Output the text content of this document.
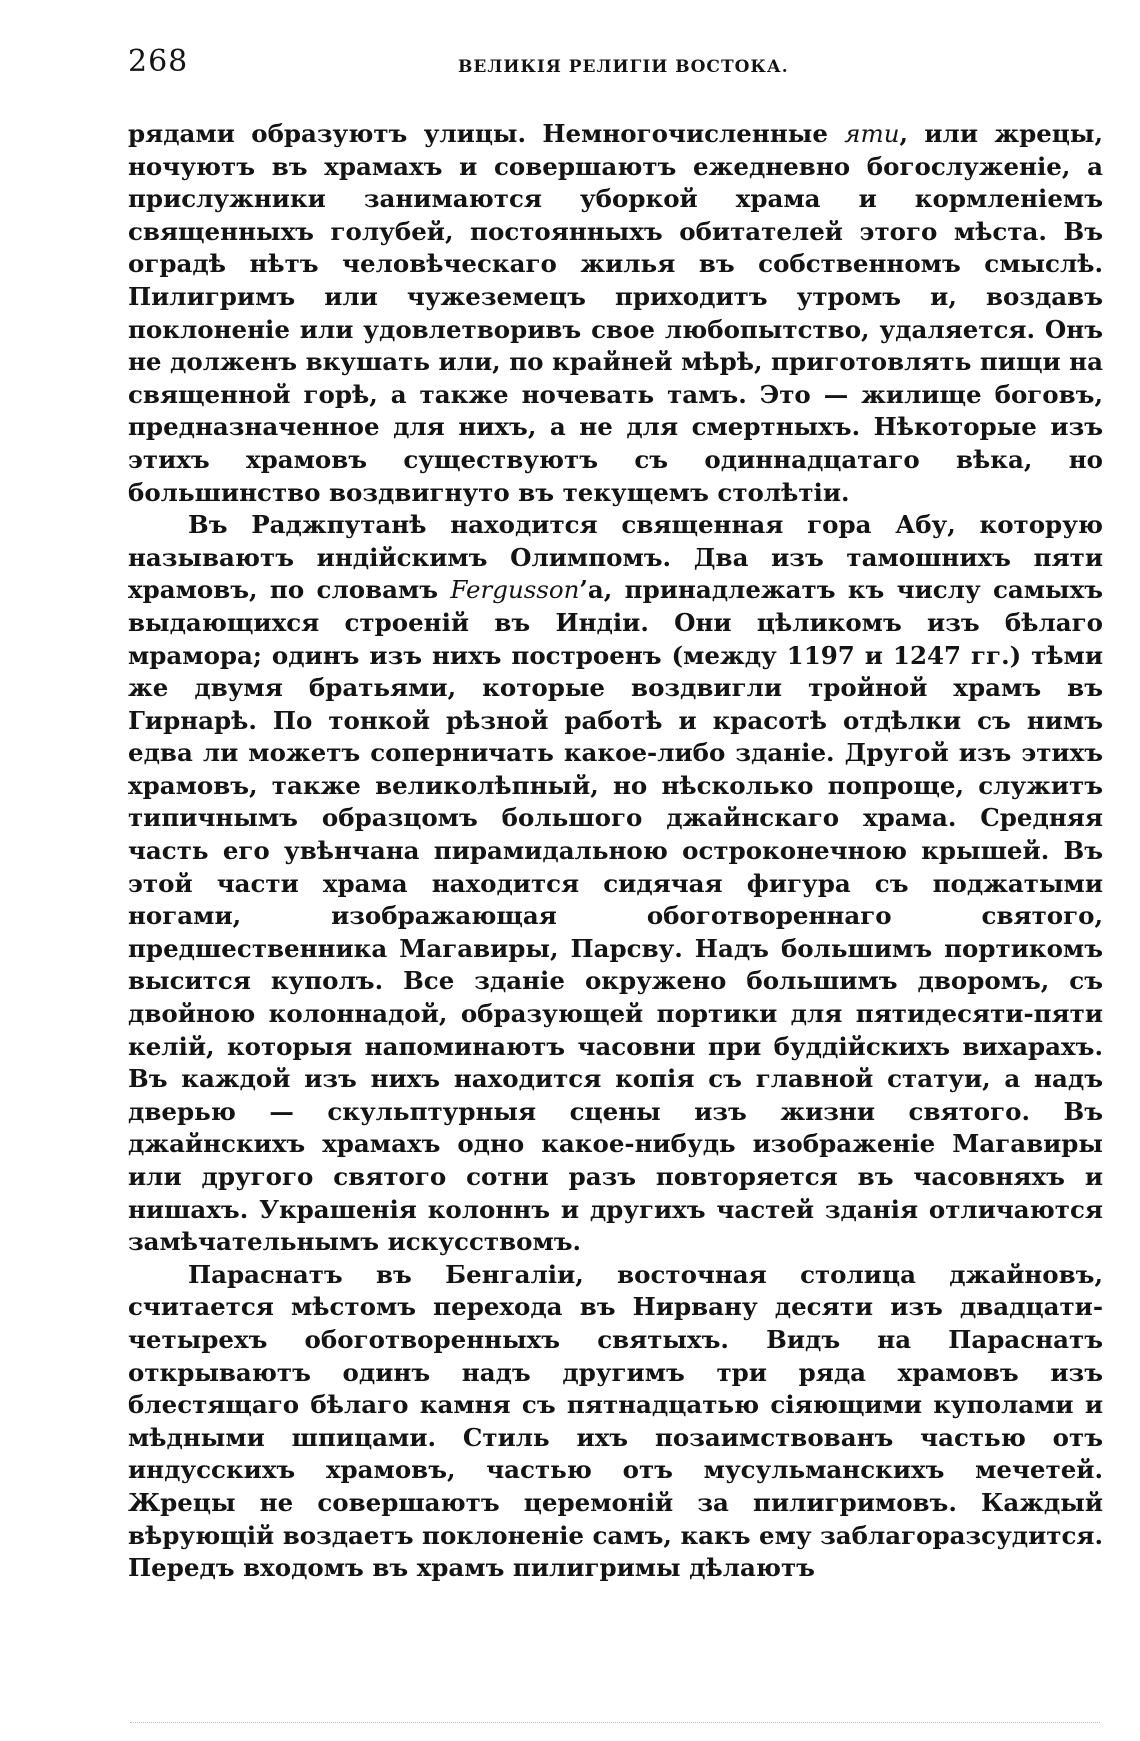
268	ВЕЛИКІЯ РЕЛИГІИ ВОСТОКА.

рядами образуютъ улицы. Немногочисленные яти, или жрецы, ночуютъ въ храмахъ и совершаютъ ежедневно богослуженіе, а прислужники занимаются уборкой храма и кормленіемъ священныхъ голубей, постоянныхъ обитателей этого мѣста. Въ оградѣ нѣтъ человѣческаго жилья въ собственномъ смыслѣ. Пилигримъ или чужеземецъ приходитъ утромъ и, воздавъ поклоненіе или удовлетворивъ свое любопытство, удаляется. Онъ не долженъ вкушать или, по крайней мѣрѣ, приготовлять пищи на священной горѣ, а также ночевать тамъ. Это — жилище боговъ, предназначенное для нихъ, а не для смертныхъ. Нѣкоторые изъ этихъ храмовъ существуютъ съ одиннадцатаго вѣка, но большинство воздвигнуто въ текущемъ столѣтіи.

Въ Раджпутанѣ находится священная гора Абу, которую называютъ индійскимъ Олимпомъ. Два изъ тамошнихъ пяти храмовъ, по словамъ Fergusson’а, принадлежатъ къ числу самыхъ выдающихся строеній въ Индіи. Они цѣликомъ изъ бѣлаго мрамора; одинъ изъ нихъ построенъ (между 1197 и 1247 гг.) тѣми же двумя братьями, которые воздвигли тройной храмъ въ Гирнарѣ. По тонкой рѣзной работѣ и красотѣ отдѣлки съ нимъ едва ли можетъ соперничать какое-либо зданіе. Другой изъ этихъ храмовъ, также великолѣпный, но нѣсколько попроще, служитъ типичнымъ образцомъ большого джайнскаго храма. Средняя часть его увѣнчана пирамидальною остроконечною крышей. Въ этой части храма находится сидячая фигура съ поджатыми ногами, изображающая обоготвореннаго святого, предшественника Магавиры, Парсву. Надъ большимъ портикомъ высится куполъ. Все зданіе окружено большимъ дворомъ, съ двойною колоннадой, образующей портики для пятидесяти-пяти келій, которыя напоминаютъ часовни при буддійскихъ вихарахъ. Въ каждой изъ нихъ находится копія съ главной статуи, а надъ дверью — скульптурныя сцены изъ жизни святого. Въ джайнскихъ храмахъ одно какое-нибудь изображеніе Магавиры или другого святого сотни разъ повторяется въ часовняхъ и нишахъ. Украшенія колоннъ и другихъ частей зданія отличаются замѣчательнымъ искусствомъ.

Параснатъ въ Бенгаліи, восточная столица джайновъ, считается мѣстомъ перехода въ Нирвану десяти изъ двадцати-четырехъ обоготворенныхъ святыхъ. Видъ на Параснатъ открываютъ одинъ надъ другимъ три ряда храмовъ изъ блестящаго бѣлаго камня съ пятнадцатью сіяющими куполами и мѣдными шпицами. Стиль ихъ позаимствованъ частью отъ индусскихъ храмовъ, частью отъ мусульманскихъ мечетей. Жрецы не совершаютъ церемоній за пилигримовъ. Каждый вѣрующій воздаетъ поклоненіе самъ, какъ ему заблагоразсудится. Передъ входомъ въ храмъ пилигримы дѣлаютъ
